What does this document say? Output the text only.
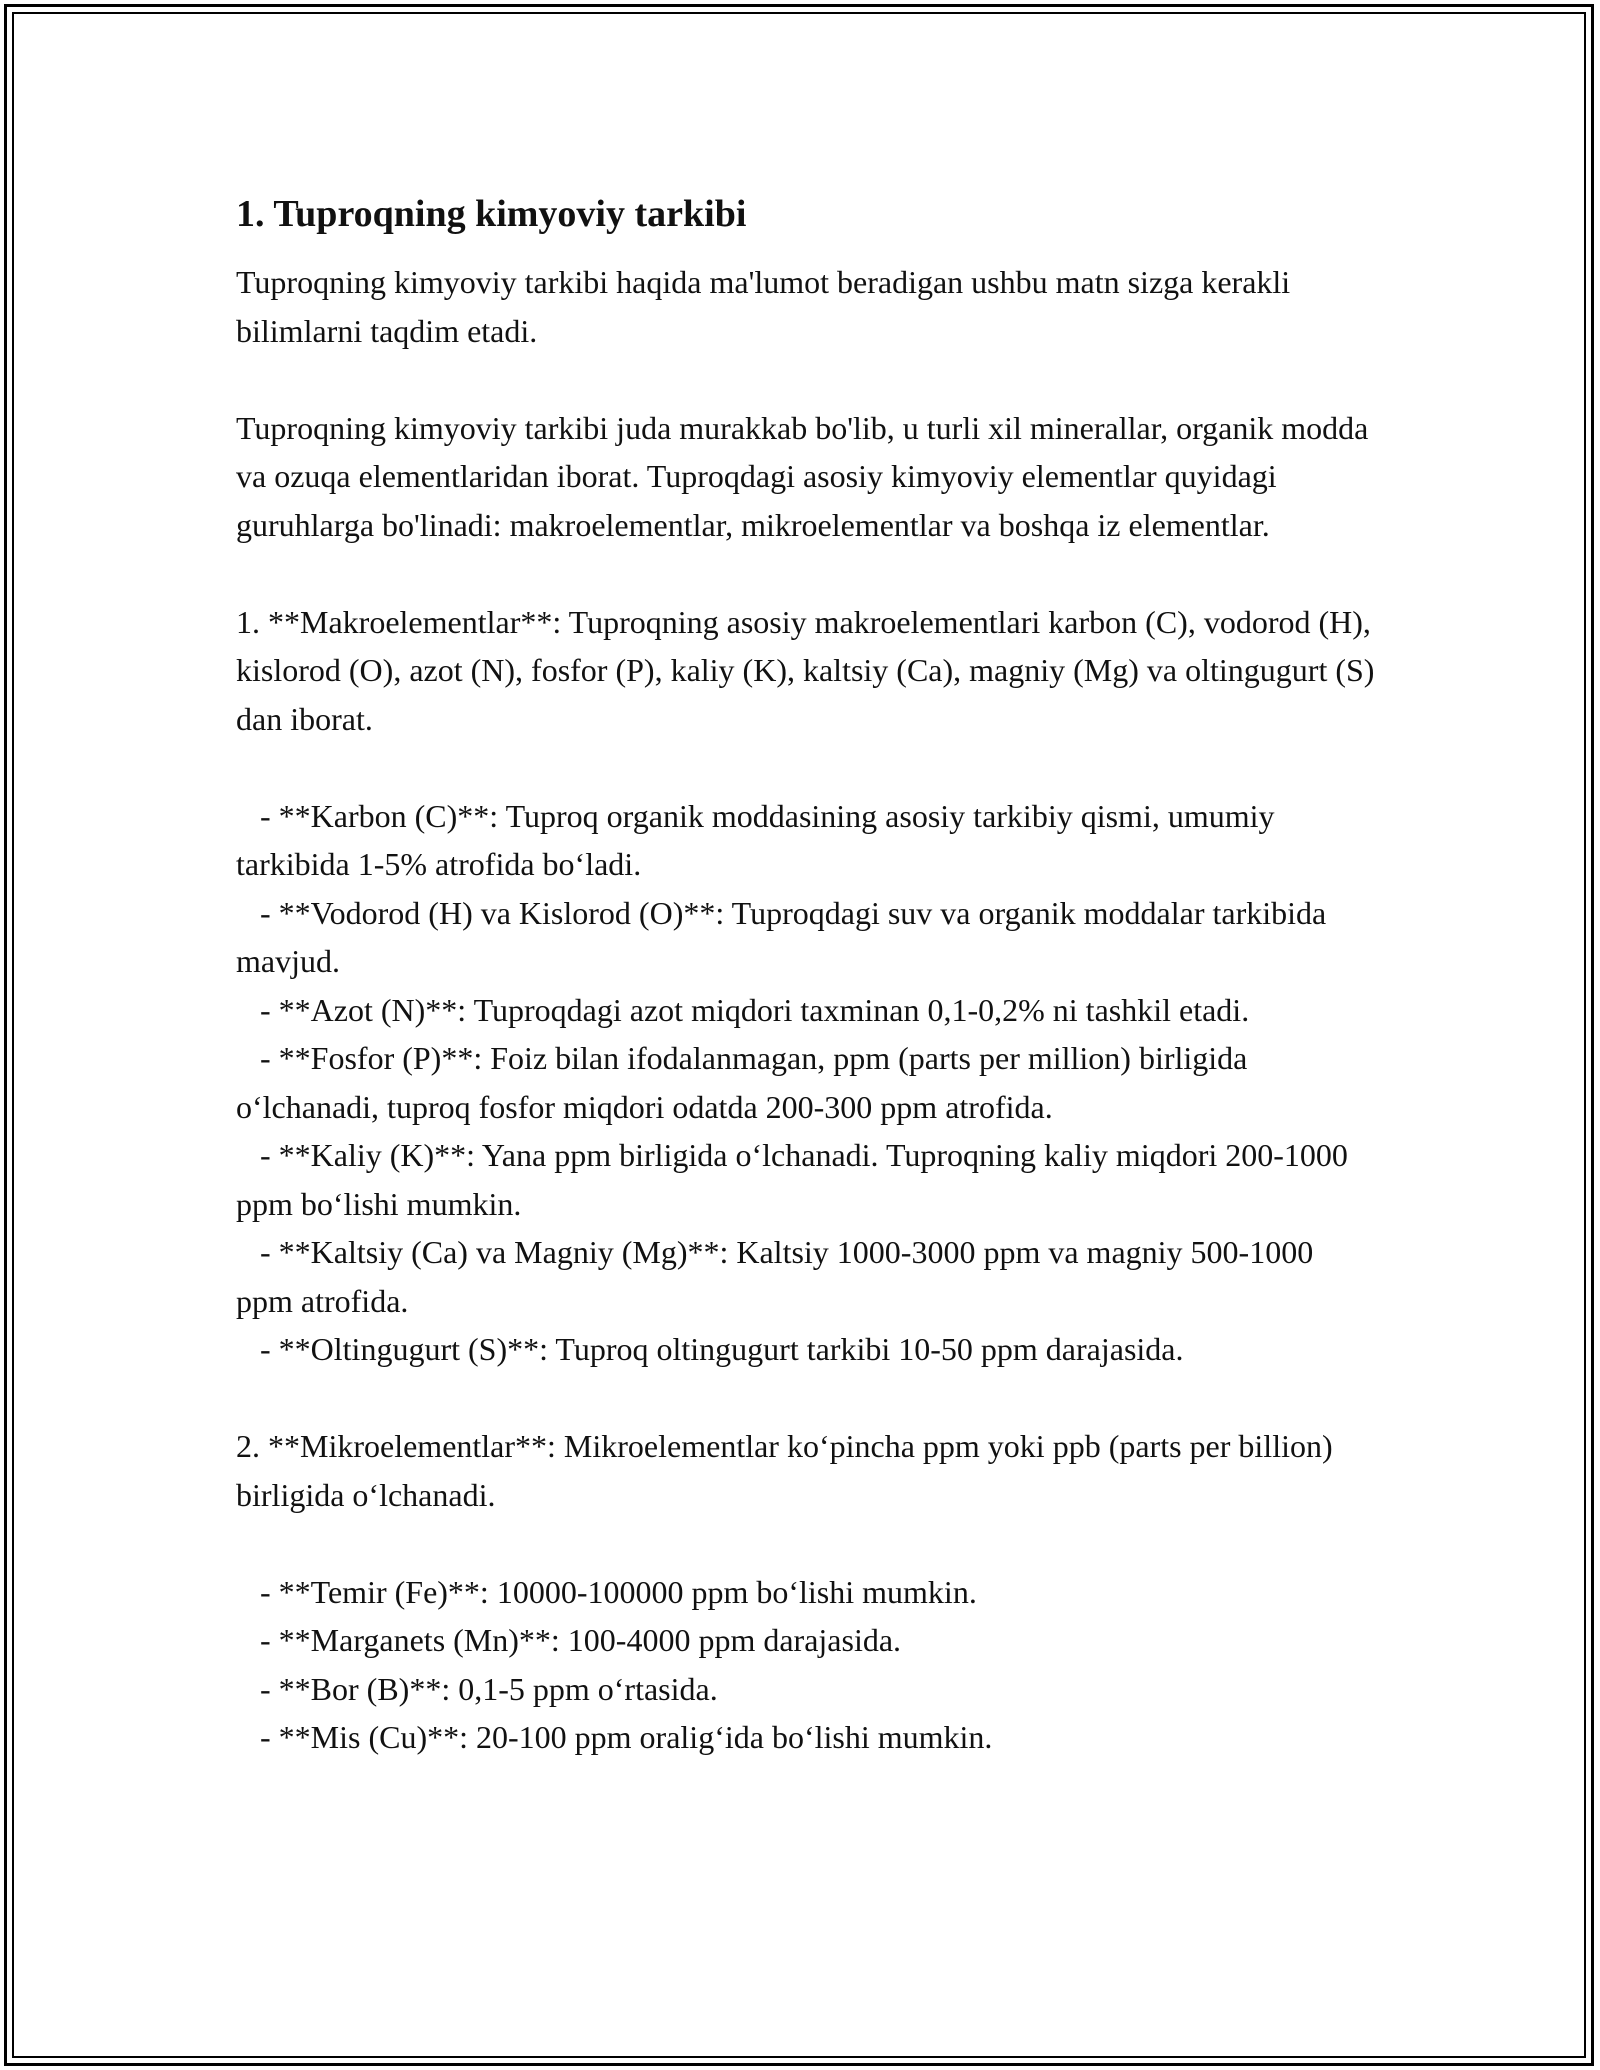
1. Tuproqning kimyoviy tarkibi

Tuproqning kimyoviy tarkibi haqida ma'lumot beradigan ushbu matn sizga kerakli bilimlarni taqdim etadi.

Tuproqning kimyoviy tarkibi juda murakkab bo'lib, u turli xil minerallar, organik modda va ozuqa elementlaridan iborat. Tuproqdagi asosiy kimyoviy elementlar quyidagi guruhlarga bo'linadi: makroelementlar, mikroelementlar va boshqa iz elementlar.

1. **Makroelementlar**: Tuproqning asosiy makroelementlari karbon (C), vodorod (H), kislorod (O), azot (N), fosfor (P), kaliy (K), kaltsiy (Ca), magniy (Mg) va oltingugurt (S) dan iborat.

- **Karbon (C)**: Tuproq organik moddasining asosiy tarkibiy qismi, umumiy tarkibida 1-5% atrofida bo‘ladi.

- **Vodorod (H) va Kislorod (O)**: Tuproqdagi suv va organik moddalar tarkibida mavjud.

- **Azot (N)**: Tuproqdagi azot miqdori taxminan 0,1-0,2% ni tashkil etadi.

- **Fosfor (P)**: Foiz bilan ifodalanmagan, ppm (parts per million) birligida o‘lchanadi, tuproq fosfor miqdori odatda 200-300 ppm atrofida.

- **Kaliy (K)**: Yana ppm birligida o‘lchanadi. Tuproqning kaliy miqdori 200-1000 ppm bo‘lishi mumkin.

- **Kaltsiy (Ca) va Magniy (Mg)**: Kaltsiy 1000-3000 ppm va magniy 500-1000 ppm atrofida.

- **Oltingugurt (S)**: Tuproq oltingugurt tarkibi 10-50 ppm darajasida.

2. **Mikroelementlar**: Mikroelementlar ko‘pincha ppm yoki ppb (parts per billion) birligida o‘lchanadi.

- **Temir (Fe)**: 10000-100000 ppm bo‘lishi mumkin.

- **Marganets (Mn)**: 100-4000 ppm darajasida.

- **Bor (B)**: 0,1-5 ppm o‘rtasida.

- **Mis (Cu)**: 20-100 ppm oralig‘ida bo‘lishi mumkin.
